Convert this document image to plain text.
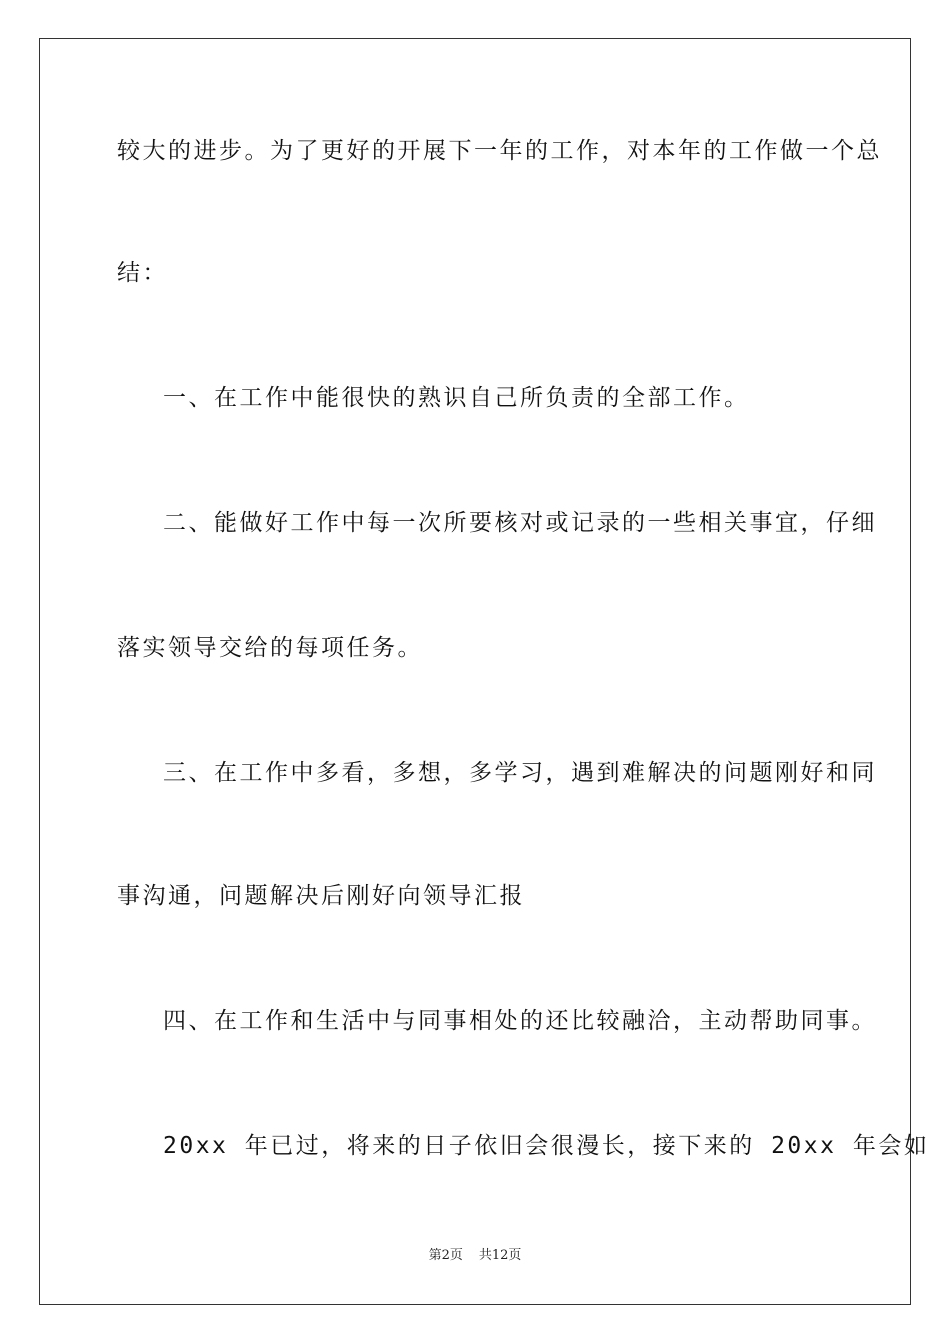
较大的进步。为了更好的开展下一年的工作，对本年的工作做一个总
结：
一、在工作中能很快的熟识自己所负责的全部工作。
二、能做好工作中每一次所要核对或记录的一些相关事宜，仔细
落实领导交给的每项任务。
三、在工作中多看，多想，多学习，遇到难解决的问题刚好和同
事沟通，问题解决后刚好向领导汇报
四、在工作和生活中与同事相处的还比较融洽，主动帮助同事。
20xx 年已过，将来的日子依旧会很漫长，接下来的 20xx 年会如
第2页 共12页
